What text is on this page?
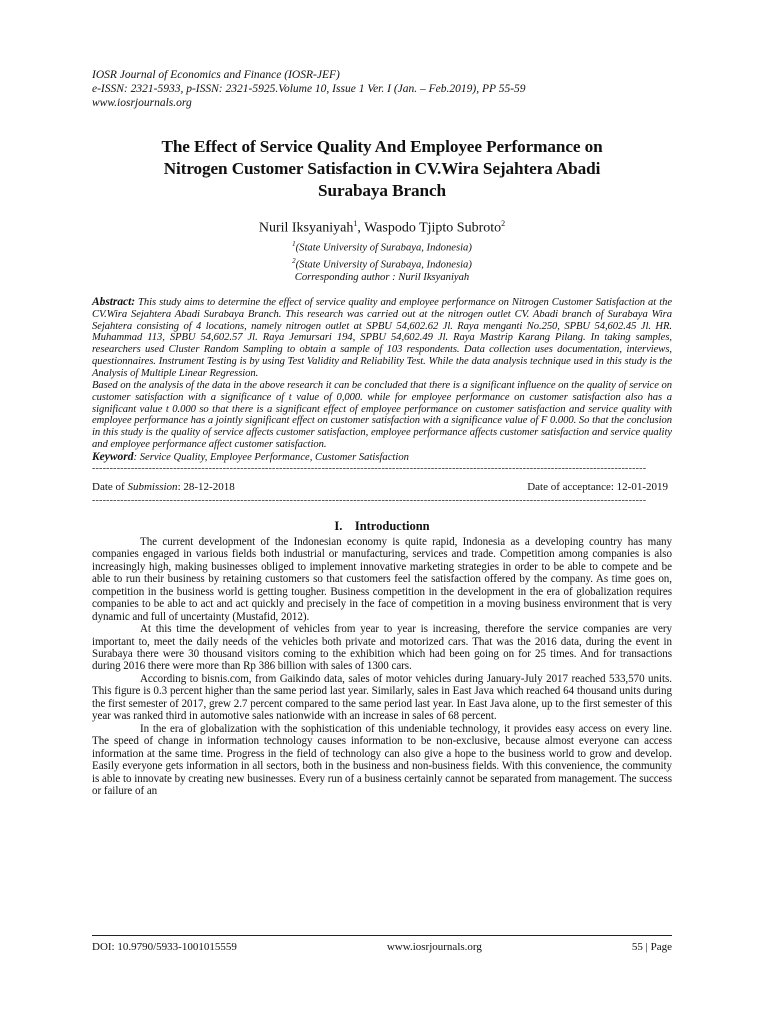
IOSR Journal of Economics and Finance (IOSR-JEF)
e-ISSN: 2321-5933, p-ISSN: 2321-5925.Volume 10, Issue 1 Ver. I (Jan. – Feb.2019), PP 55-59
www.iosrjournals.org
The Effect of Service Quality And Employee Performance on
Nitrogen Customer Satisfaction in CV.Wira Sejahtera Abadi
Surabaya Branch
Nuril Iksyaniyah$^1$, Waspodo Tjipto Subroto$^2$
$^1$(State University of Surabaya, Indonesia)
$^2$(State University of Surabaya, Indonesia)
Corresponding author : Nuril Iksyaniyah

Abstract: This study aims to determine the effect of service quality and employee performance on Nitrogen Customer Satisfaction at the CV.Wira Sejahtera Abadi Surabaya Branch. This research was carried out at the nitrogen outlet CV. Abadi branch of Surabaya Wira Sejahtera consisting of 4 locations, namely nitrogen outlet at SPBU 54,602.62 Jl. Raya menganti No.250, SPBU 54,602.45 Jl. HR. Muhammad 113, SPBU 54,602.57 Jl. Raya Jemursari 194, SPBU 54,602.49 Jl. Raya Mastrip Karang Pilang. In taking samples, researchers used Cluster Random Sampling to obtain a sample of 103 respondents. Data collection uses documentation, interviews, questionnaires. Instrument Testing is by using Test Validity and Reliability Test. While the data analysis technique used in this study is the Analysis of Multiple Linear Regression.

Based on the analysis of the data in the above research it can be concluded that there is a significant influence on the quality of service on customer satisfaction with a significance of t value of 0,000. while for employee performance on customer satisfaction also has a significant value t 0.000 so that there is a significant effect of employee performance on customer satisfaction and service quality with employee performance has a jointly significant effect on customer satisfaction with a significance value of F 0.000. So that the conclusion in this study is the quality of service affects customer satisfaction, employee performance affects customer satisfaction and service quality and employee performance affect customer satisfaction.

Keyword: Service Quality, Employee Performance, Customer Satisfaction
-------------------------------------------------------------------------------------------------------------------------------------------------------------
Date of Submission: 28-12-2018	Date of acceptance: 12-01-2019
-------------------------------------------------------------------------------------------------------------------------------------------------------------
I.    Introductionn

The current development of the Indonesian economy is quite rapid, Indonesia as a developing country has many companies engaged in various fields both industrial or manufacturing, services and trade. Competition among companies is also increasingly high, making businesses obliged to implement innovative marketing strategies in order to be able to compete and be able to run their business by retaining customers so that customers feel the satisfaction offered by the company. As time goes on, competition in the business world is getting tougher. Business competition in the development in the era of globalization requires companies to be able to act and act quickly and precisely in the face of competition in a moving business environment that is very dynamic and full of uncertainty (Mustafid, 2012).

At this time the development of vehicles from year to year is increasing, therefore the service companies are very important to, meet the daily needs of the vehicles both private and motorized cars. That was the 2016 data, during the event in Surabaya there were 30 thousand visitors coming to the exhibition which had been going on for 25 times. And for transactions during 2016 there were more than Rp 386 billion with sales of 1300 cars.

According to bisnis.com, from Gaikindo data, sales of motor vehicles during January-July 2017 reached 533,570 units. This figure is 0.3 percent higher than the same period last year. Similarly, sales in East Java which reached 64 thousand units during the first semester of 2017, grew 2.7 percent compared to the same period last year. In East Java alone, up to the first semester of this year was ranked third in automotive sales nationwide with an increase in sales of 68 percent.

In the era of globalization with the sophistication of this undeniable technology, it provides easy access on every line. The speed of change in information technology causes information to be non-exclusive, because almost everyone can access information at the same time. Progress in the field of technology can also give a hope to the business world to grow and develop. Easily everyone gets information in all sectors, both in the business and non-business fields. With this convenience, the community is able to innovate by creating new businesses. Every run of a business certainly cannot be separated from management. The success or failure of an

DOI: 10.9790/5933-1001015559	www.iosrjournals.org	55 | Page
